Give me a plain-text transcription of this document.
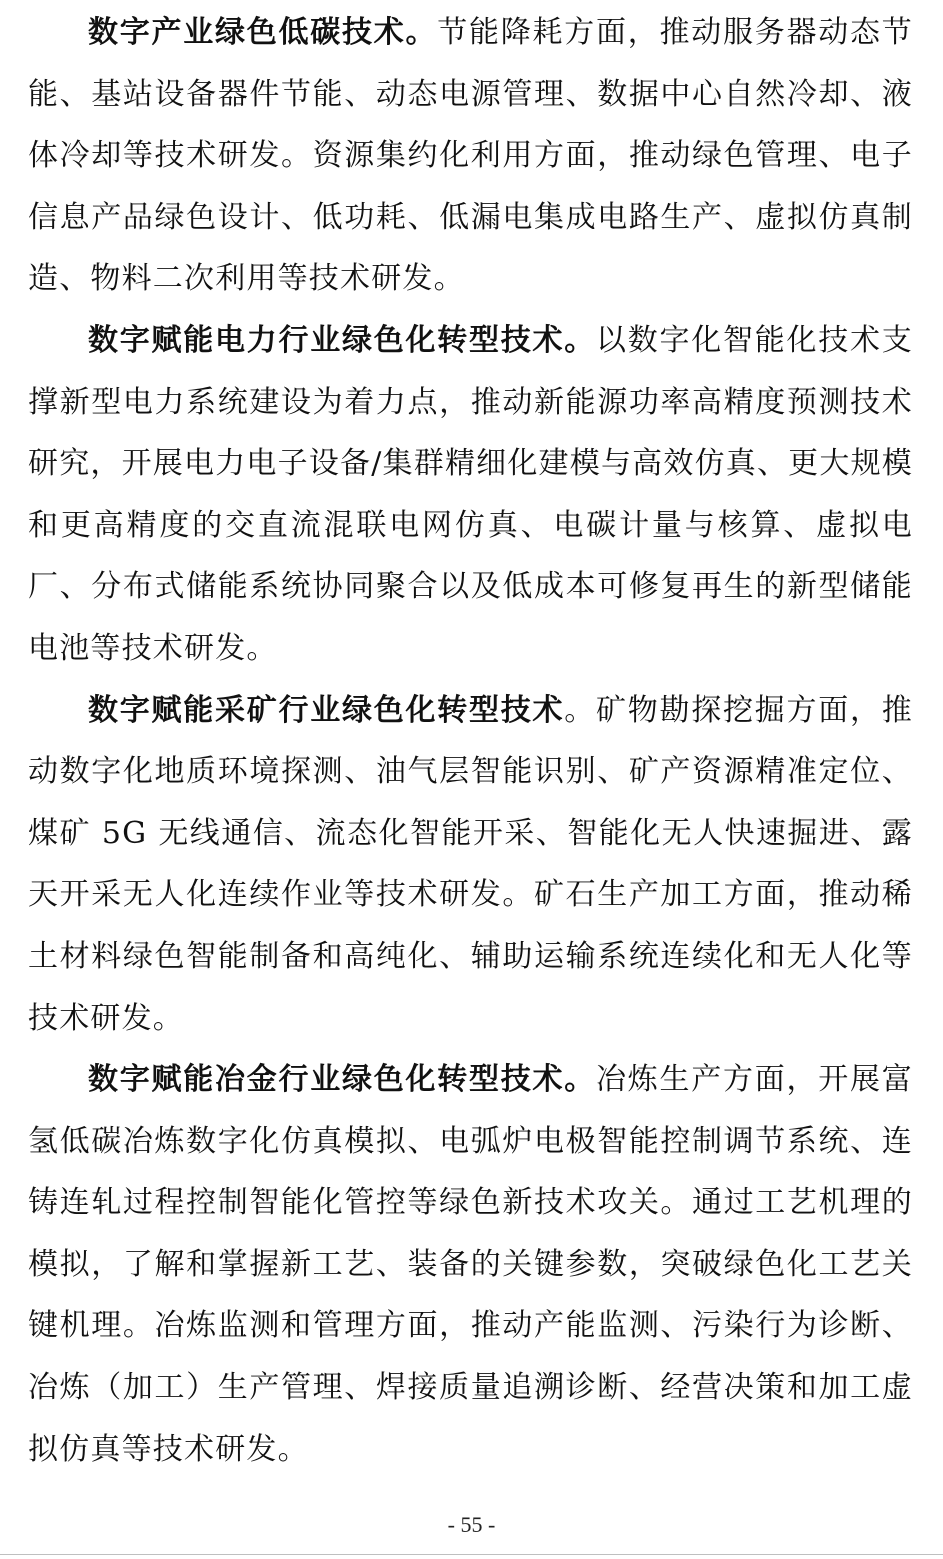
数字产业绿色低碳技术。节能降耗方面，推动服务器动态节能、基站设备器件节能、动态电源管理、数据中心自然冷却、液体冷却等技术研发。资源集约化利用方面，推动绿色管理、电子信息产品绿色设计、低功耗、低漏电集成电路生产、虚拟仿真制造、物料二次利用等技术研发。

数字赋能电力行业绿色化转型技术。以数字化智能化技术支撑新型电力系统建设为着力点，推动新能源功率高精度预测技术研究，开展电力电子设备/集群精细化建模与高效仿真、更大规模和更高精度的交直流混联电网仿真、电碳计量与核算、虚拟电厂、分布式储能系统协同聚合以及低成本可修复再生的新型储能电池等技术研发。

数字赋能采矿行业绿色化转型技术。矿物勘探挖掘方面，推动数字化地质环境探测、油气层智能识别、矿产资源精准定位、煤矿 5G 无线通信、流态化智能开采、智能化无人快速掘进、露天开采无人化连续作业等技术研发。矿石生产加工方面，推动稀土材料绿色智能制备和高纯化、辅助运输系统连续化和无人化等技术研发。

数字赋能冶金行业绿色化转型技术。冶炼生产方面，开展富氢低碳冶炼数字化仿真模拟、电弧炉电极智能控制调节系统、连铸连轧过程控制智能化管控等绿色新技术攻关。通过工艺机理的模拟，了解和掌握新工艺、装备的关键参数，突破绿色化工艺关键机理。冶炼监测和管理方面，推动产能监测、污染行为诊断、冶炼（加工）生产管理、焊接质量追溯诊断、经营决策和加工虚拟仿真等技术研发。

- 55 -
